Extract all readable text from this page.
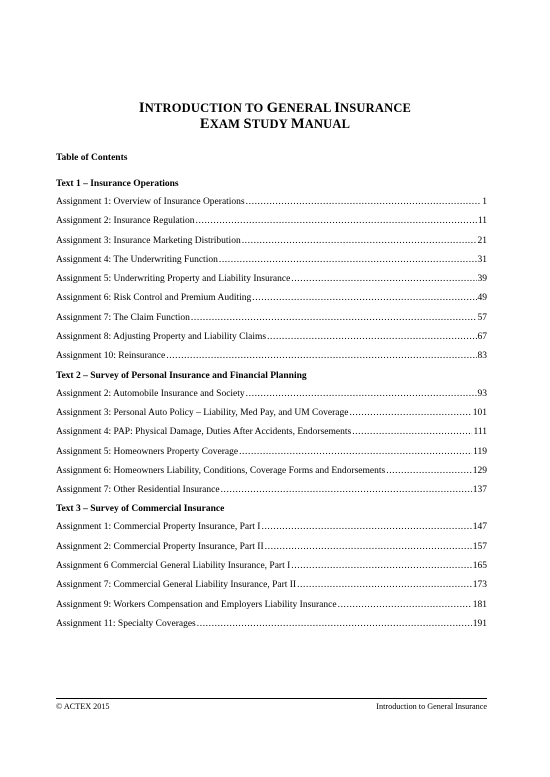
INTRODUCTION TO GENERAL INSURANCE
EXAM STUDY MANUAL
Table of Contents
Text 1 – Insurance Operations
Assignment 1: Overview of Insurance Operations .....	1
Assignment 2: Insurance Regulation .....	11
Assignment 3: Insurance Marketing Distribution .....	21
Assignment 4: The Underwriting Function .....	31
Assignment 5: Underwriting Property and Liability Insurance .....	39
Assignment 6: Risk Control and Premium Auditing .....	49
Assignment 7: The Claim Function .....	57
Assignment 8: Adjusting Property and Liability Claims .....	67
Assignment 10: Reinsurance .....	83
Text 2 – Survey of Personal Insurance and Financial Planning
Assignment 2: Automobile Insurance and Society .....	93
Assignment 3: Personal Auto Policy – Liability, Med Pay, and UM Coverage .....	101
Assignment 4: PAP: Physical Damage, Duties After Accidents, Endorsements .....	111
Assignment 5: Homeowners Property Coverage .....	119
Assignment 6: Homeowners Liability, Conditions, Coverage Forms and Endorsements .....	129
Assignment 7: Other Residential Insurance .....	137
Text 3 – Survey of Commercial Insurance
Assignment 1: Commercial Property Insurance, Part I .....	147
Assignment 2: Commercial Property Insurance, Part II .....	157
Assignment 6 Commercial General Liability Insurance, Part I .....	165
Assignment 7: Commercial General Liability Insurance, Part II .....	173
Assignment 9: Workers Compensation and Employers Liability Insurance .....	181
Assignment 11: Specialty Coverages .....	191
© ACTEX 2015	Introduction to General Insurance
